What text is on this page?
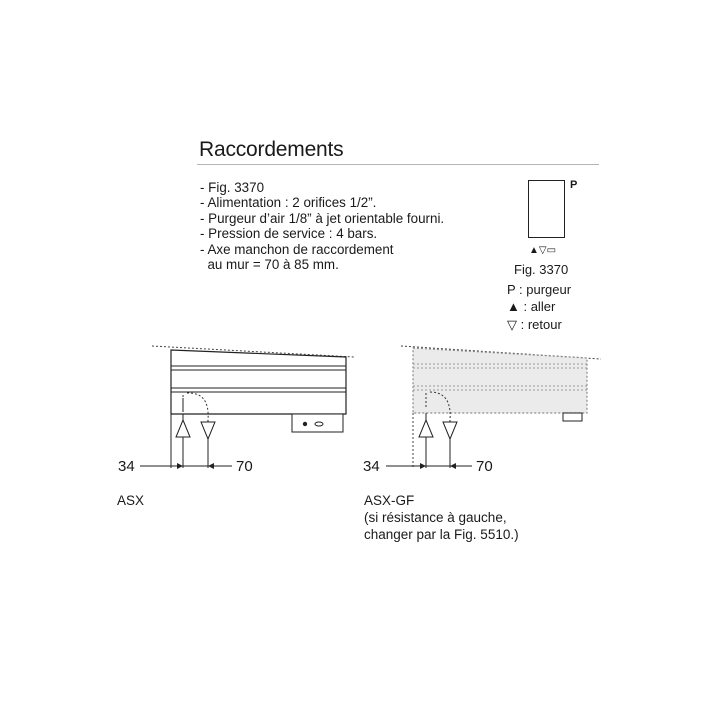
Raccordements
- Fig. 3370
- Alimentation : 2 orifices 1/2”.
- Purgeur d’air 1/8” à jet orientable fourni.
- Pression de service : 4 bars.
- Axe manchon de raccordement
au mur = 70 à 85 mm.
P
▲▽▭
Fig. 3370
P : purgeur
▲ : aller
▽ : retour
34	70	34	70
ASX	ASX-GF
(si résistance à gauche,
changer par la Fig. 5510.)
